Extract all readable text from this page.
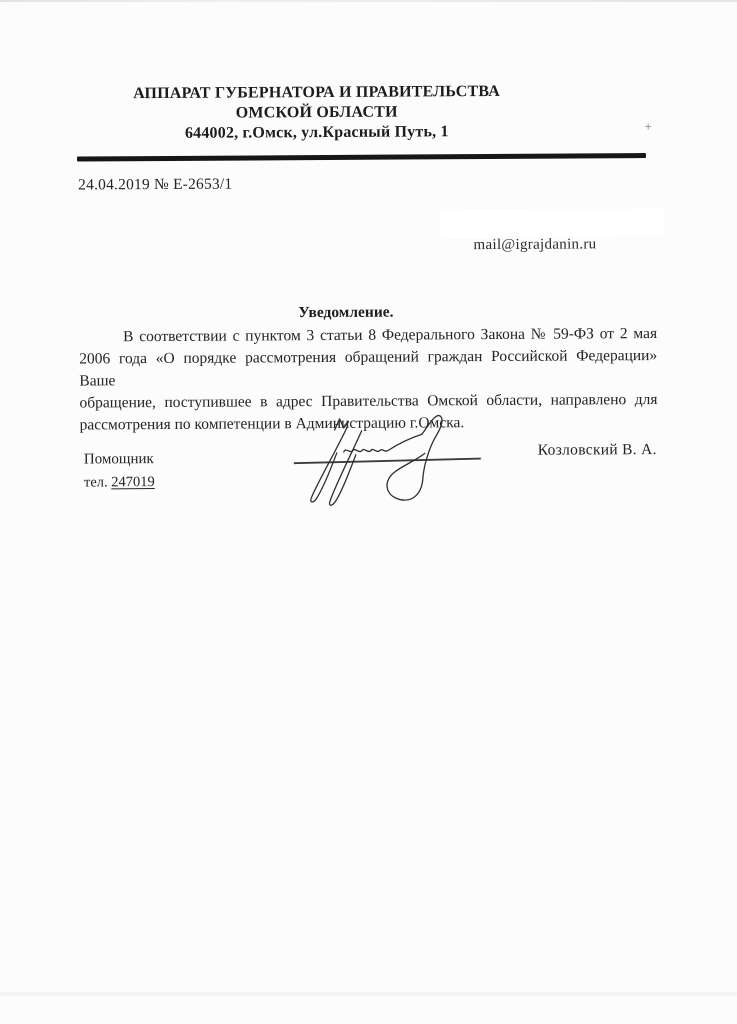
АППАРАТ ГУБЕРНАТОРА И ПРАВИТЕЛЬСТВА
ОМСКОЙ ОБЛАСТИ
644002, г.Омск, ул.Красный Путь, 1	+
24.04.2019 № Е-2653/1
mail@igrajdanin.ru
Уведомление.
В соответствии с пунктом 3 статьи 8 Федерального Закона № 59-ФЗ от 2 мая
2006 года «О порядке рассмотрения обращений граждан Российской Федерации» Ваше
обращение, поступившее в адрес Правительства Омской области, направлено для
рассмотрения по компетенции в Администрацию г.Омска.
Помощник
тел. 247019
Козловский В. А.
